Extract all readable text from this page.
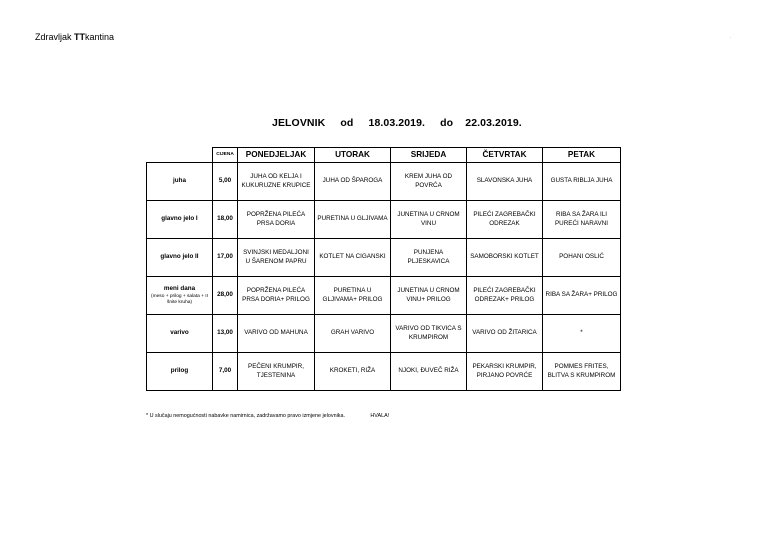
Zdravljak TTkantina	.
JELOVNIK     od     18.03.2019.     do    22.03.2019.
	CIJENA	PONEDJELJAK	UTORAK	SRIJEDA	ČETVRTAK	PETAK
juha	5,00	JUHA OD KELJA I KUKURUZNE KRUPICE	JUHA OD ŠPAROGA	KREM JUHA OD POVRĆA	SLAVONSKA JUHA	GUSTA RIBLJA JUHA
glavno jelo I	18,00	POPRŽENA PILEĆA PRSA DORIA	PURETINA U GLJIVAMA	JUNETINA U CRNOM VINU	PILEĆI ZAGREBAČKI ODREZAK	RIBA SA ŽARA ILI PUREĆI NARAVNI
glavno jelo II	17,00	SVINJSKI MEDALJONI U ŠARENOM PAPRU	KOTLET NA CIGANSKI	PUNJENA PLJESKAVICA	SAMOBORSKI KOTLET	POHANI OSLIĆ
meni dana
(meso + prilog + salata + II šnite kruha)	28,00	POPRŽENA PILEĆA PRSA DORIA+ PRILOG	PURETINA U GLJIVAMA+ PRILOG	JUNETINA U CRNOM VINU+ PRILOG	PILEĆI ZAGREBAČKI ODREZAK+ PRILOG	RIBA SA ŽARA+ PRILOG
varivo	13,00	VARIVO OD MAHUNA	GRAH VARIVO	VARIVO OD TIKVICA S KRUMPIROM	VARIVO OD ŽITARICA	*
prilog	7,00	PEČENI KRUMPIR, TJESTENINA	KROKETI, RIŽA	NJOKI, ĐUVEČ RIŽA	PEKARSKI KRUMPIR, PIRJANO POVRĆE	POMMES FRITES, BLITVA S KRUMPIROM
* U slučaju nemogućnosti nabavke namirnica, zadržavamo pravo izmjene jelovnika.                 HVALA!
